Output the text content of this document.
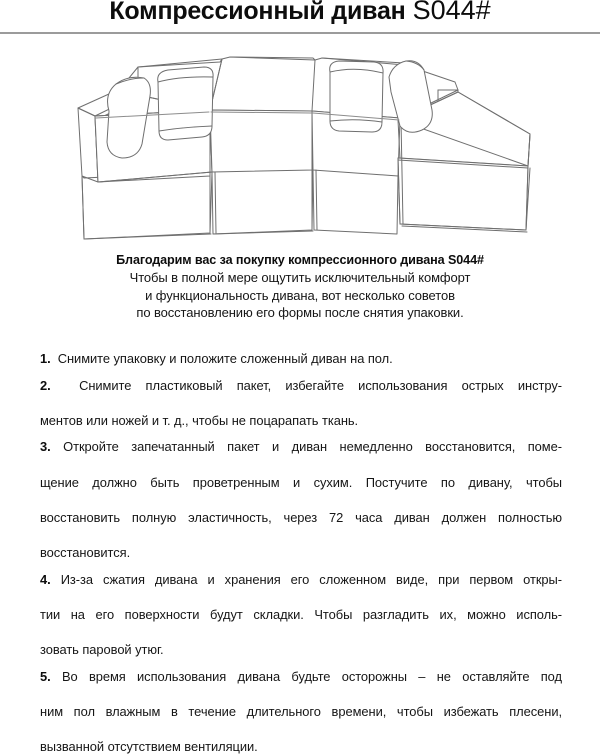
Компрессионный диван S044#
Благодарим вас за покупку компрессионного дивана S044#
Чтобы в полной мере ощутить исключительный комфорт
и функциональность дивана, вот несколько советов
по восстановлению его формы после снятия упаковки.
1. Снимите упаковку и положите сложенный диван на пол.
2. Снимите пластиковый пакет, избегайте использования острых инстру-
ментов или ножей и т. д., чтобы не поцарапать ткань.
3. Откройте запечатанный пакет и диван немедленно восстановится, поме-
щение должно быть проветренным и сухим. Постучите по дивану, чтобы
восстановить полную эластичность, через 72 часа диван должен полностью
восстановится.
4. Из-за сжатия дивана и хранения его сложенном виде, при первом откры-
тии на его поверхности будут складки. Чтобы разгладить их, можно исполь-
зовать паровой утюг.
5. Во время использования дивана будьте осторожны – не оставляйте под
ним пол влажным в течение длительного времени, чтобы избежать плесени,
вызванной отсутствием вентиляции.
